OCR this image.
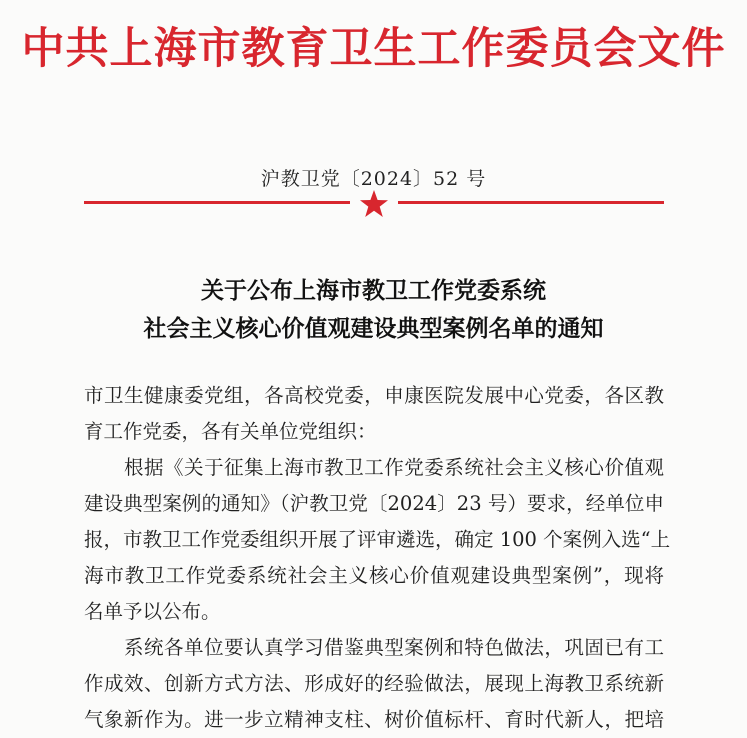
中共上海市教育卫生工作委员会文件
沪教卫党〔2024〕52 号
关于公布上海市教卫工作党委系统
社会主义核心价值观建设典型案例名单的通知
市卫生健康委党组，各高校党委，申康医院发展中心党委，各区教
育工作党委，各有关单位党组织：
根据《关于征集上海市教卫工作党委系统社会主义核心价值观
建设典型案例的通知》（沪教卫党〔2024〕23 号）要求，经单位申
报，市教卫工作党委组织开展了评审遴选，确定 100 个案例入选“上
海市教卫工作党委系统社会主义核心价值观建设典型案例”，现将
名单予以公布。
系统各单位要认真学习借鉴典型案例和特色做法，巩固已有工
作成效、创新方式方法、形成好的经验做法，展现上海教卫系统新
气象新作为。进一步立精神支柱、树价值标杆、育时代新人，把培
